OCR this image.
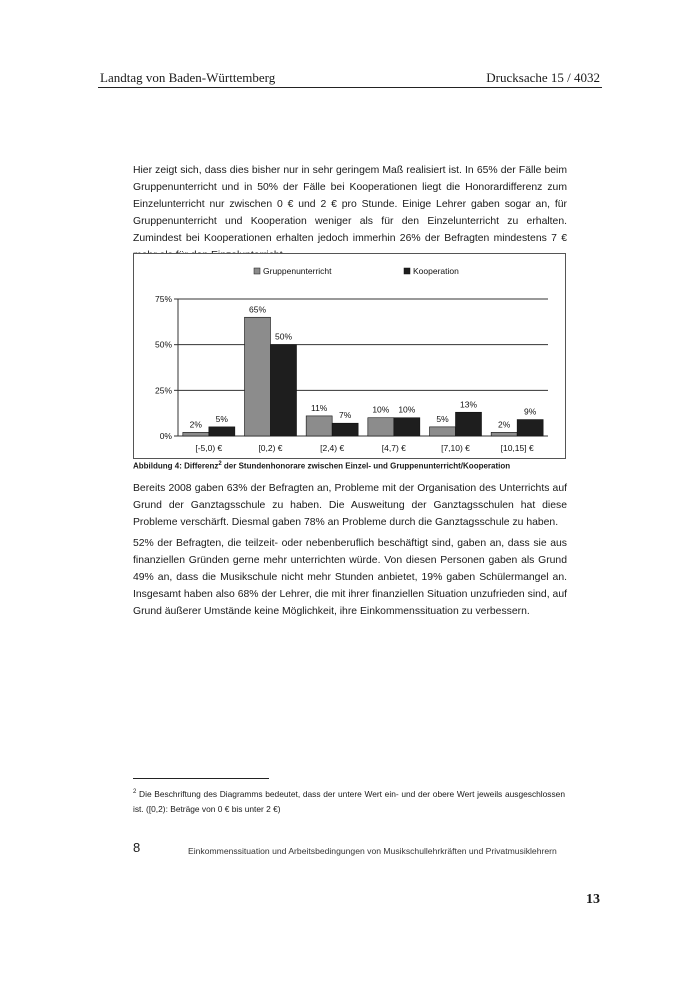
Landtag von Baden-Württemberg	Drucksache 15 / 4032
Hier zeigt sich, dass dies bisher nur in sehr geringem Maß realisiert ist. In 65% der Fälle beim Gruppenunterricht und in 50% der Fälle bei Kooperationen liegt die Honorardifferenz zum Einzelunterricht nur zwischen 0 € und 2 € pro Stunde. Einige Lehrer gaben sogar an, für Gruppenunterricht und Kooperation weniger als für den Einzelunterricht zu erhalten. Zumindest bei Kooperationen erhalten jedoch immerhin 26% der Befragten mindestens 7 €
0%
25%
50%
75%
2%
5%
[-5,0) €
65%
50%
[0,2) €
11%
7%
[2,4) €
10% 10%
[4,7) €
5%
13%
[7,10) €
2%
9%
[10,15] €
Gruppenunterricht	Kooperation
Abbildung 4: Differenz$^2$ der Stundenhonorare zwischen Einzel- und Gruppenunterricht/Kooperation
Bereits 2008 gaben 63% der Befragten an, Probleme mit der Organisation des Unterrichts auf Grund der Ganztagsschule zu haben. Die Ausweitung der Ganztagsschulen hat diese Probleme verschärft. Diesmal gaben 78% an Probleme durch die Ganztagsschule zu haben.
52% der Befragten, die teilzeit- oder nebenberuflich beschäftigt sind, gaben an, dass sie aus finanziellen Gründen gerne mehr unterrichten würde. Von diesen Personen gaben als Grund 49% an, dass die Musikschule nicht mehr Stunden anbietet, 19% gaben Schülermangel an. Insgesamt haben also 68% der Lehrer, die mit ihrer finanziellen Situation unzufrieden sind, auf Grund äußerer Umstände keine Möglichkeit, ihre Einkommenssituation zu verbessern.
$^2$ Die Beschriftung des Diagramms bedeutet, dass der untere Wert ein- und der obere Wert jeweils ausgeschlossen ist. ([0,2): Beträge von 0 € bis unter 2 €)
8	Einkommenssituation und Arbeitsbedingungen von Musikschullehrkräften und Privatmusiklehrern
13
